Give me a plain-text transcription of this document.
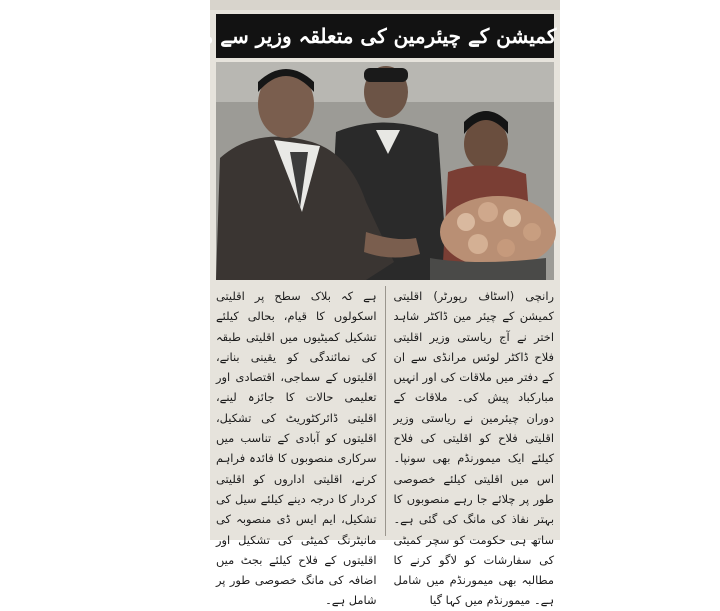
اقلیتی کمیشن کے چیئرمین کی متعلقہ وزیر سے ملاقات

رانچی (اسٹاف رپورٹر) اقلیتی کمیشن کے چیئر مین ڈاکٹر شاہد اختر نے آج ریاستی وزیر اقلیتی فلاح ڈاکٹر لوئس مرانڈی سے ان کے دفتر میں ملاقات کی اور انہیں مبارکباد پیش کی۔ ملاقات کے دوران چیئرمین نے ریاستی وزیر اقلیتی فلاح کو اقلیتی کی فلاح کیلئے ایک میمورنڈم بھی سونپا۔ اس میں اقلیتی کیلئے خصوصی طور پر چلائے جا رہے منصوبوں کا بہتر نفاذ کی مانگ کی گئی ہے۔ ساتھ ہی حکومت کو سچر کمیٹی کی سفارشات کو لاگو کرنے کا مطالبہ بھی میمورنڈم میں شامل ہے۔ میمورنڈم میں کہا گیا

ہے کہ بلاک سطح پر اقلیتی اسکولوں کا قیام، بحالی کیلئے تشکیل کمیٹیوں میں اقلیتی طبقہ کی نمائندگی کو یقینی بنانے، اقلیتوں کے سماجی، اقتصادی اور تعلیمی حالات کا جائزہ لینے، اقلیتی ڈائرکٹوریٹ کی تشکیل، اقلیتوں کو آبادی کے تناسب میں سرکاری منصوبوں کا فائدہ فراہم کرنے، اقلیتی اداروں کو اقلیتی کردار کا درجہ دینے کیلئے سیل کی تشکیل، ایم ایس ڈی منصوبہ کی مانیٹرنگ کمیٹی کی تشکیل اور اقلیتوں کے فلاح کیلئے بجٹ میں اضافہ کی مانگ خصوصی طور پر شامل ہے۔
